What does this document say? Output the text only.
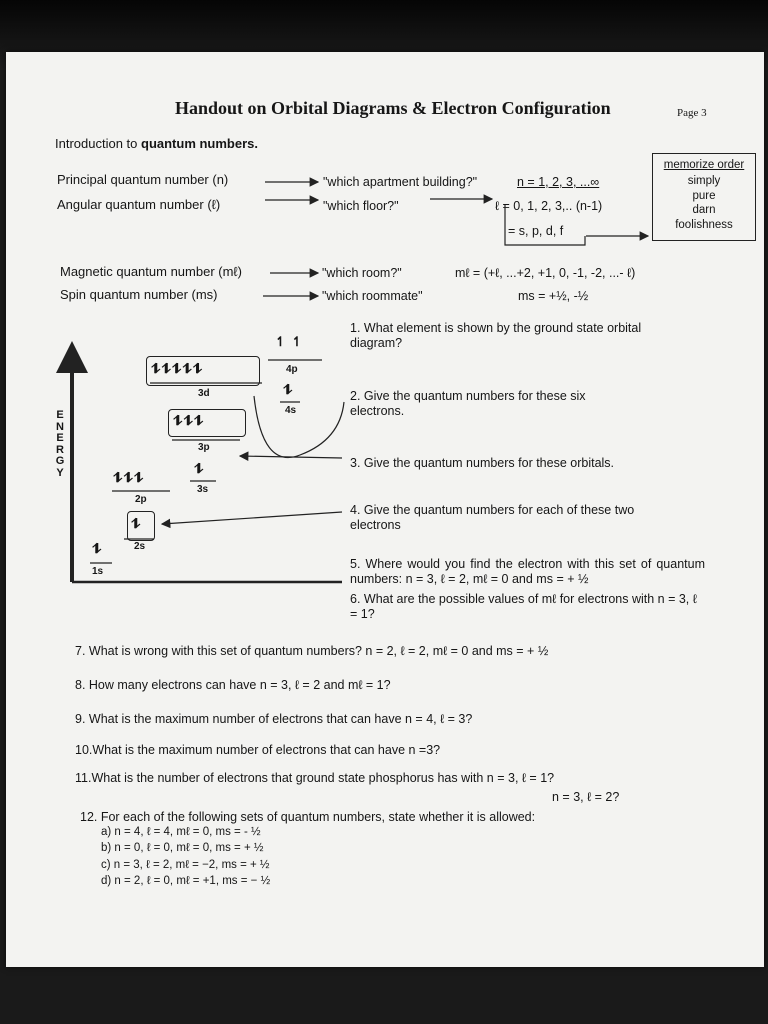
Handout on Orbital Diagrams & Electron Configuration	Page 3
Introduction to quantum numbers.
Principal quantum number (n)	"which apartment building?"	n = 1, 2, 3, ...∞
Angular quantum number (ℓ)	"which floor?"	ℓ = 0, 1, 2, 3,.. (n-1)
= s, p, d, f
memorize order
simply
pure
darn
foolishness
Magnetic quantum number (mℓ)	"which room?"	mℓ = (+ℓ, ...+2, +1, 0, -1, -2, ...- ℓ)
Spin quantum number (ms)	"which roommate"	ms = +½, -½
E
N
E
R
G
Y
⥮⥮⥮⥮⥮
3d
↿ ↿
4p
⥮
4s
⥮⥮⥮
3p
⥮
3s
⥮⥮⥮
2p
⥮
2s
⥮
1s
1. What element is shown by the ground state orbital diagram?
2. Give the quantum numbers for these six electrons.
3. Give the quantum numbers for these orbitals.
4. Give the quantum numbers for each of these two electrons
5. Where would you find the electron with this set of quantum numbers: n = 3, ℓ = 2, mℓ = 0 and ms = + ½
6. What are the possible values of mℓ for electrons with n = 3, ℓ = 1?
7. What is wrong with this set of quantum numbers? n = 2, ℓ = 2, mℓ = 0 and ms = + ½
8. How many electrons can have n = 3, ℓ = 2 and mℓ = 1?
9. What is the maximum number of electrons that can have n = 4, ℓ = 3?
10.What is the maximum number of electrons that can have n =3?
11.What is the number of electrons that ground state phosphorus has with n = 3, ℓ = 1?
n = 3, ℓ = 2?
12. For each of the following sets of quantum numbers, state whether it is allowed:
a) n = 4, ℓ = 4, mℓ = 0, ms = - ½
b) n = 0, ℓ = 0, mℓ = 0, ms = + ½
c) n = 3, ℓ = 2, mℓ = −2, ms = + ½
d) n = 2, ℓ = 0, mℓ = +1, ms = − ½
